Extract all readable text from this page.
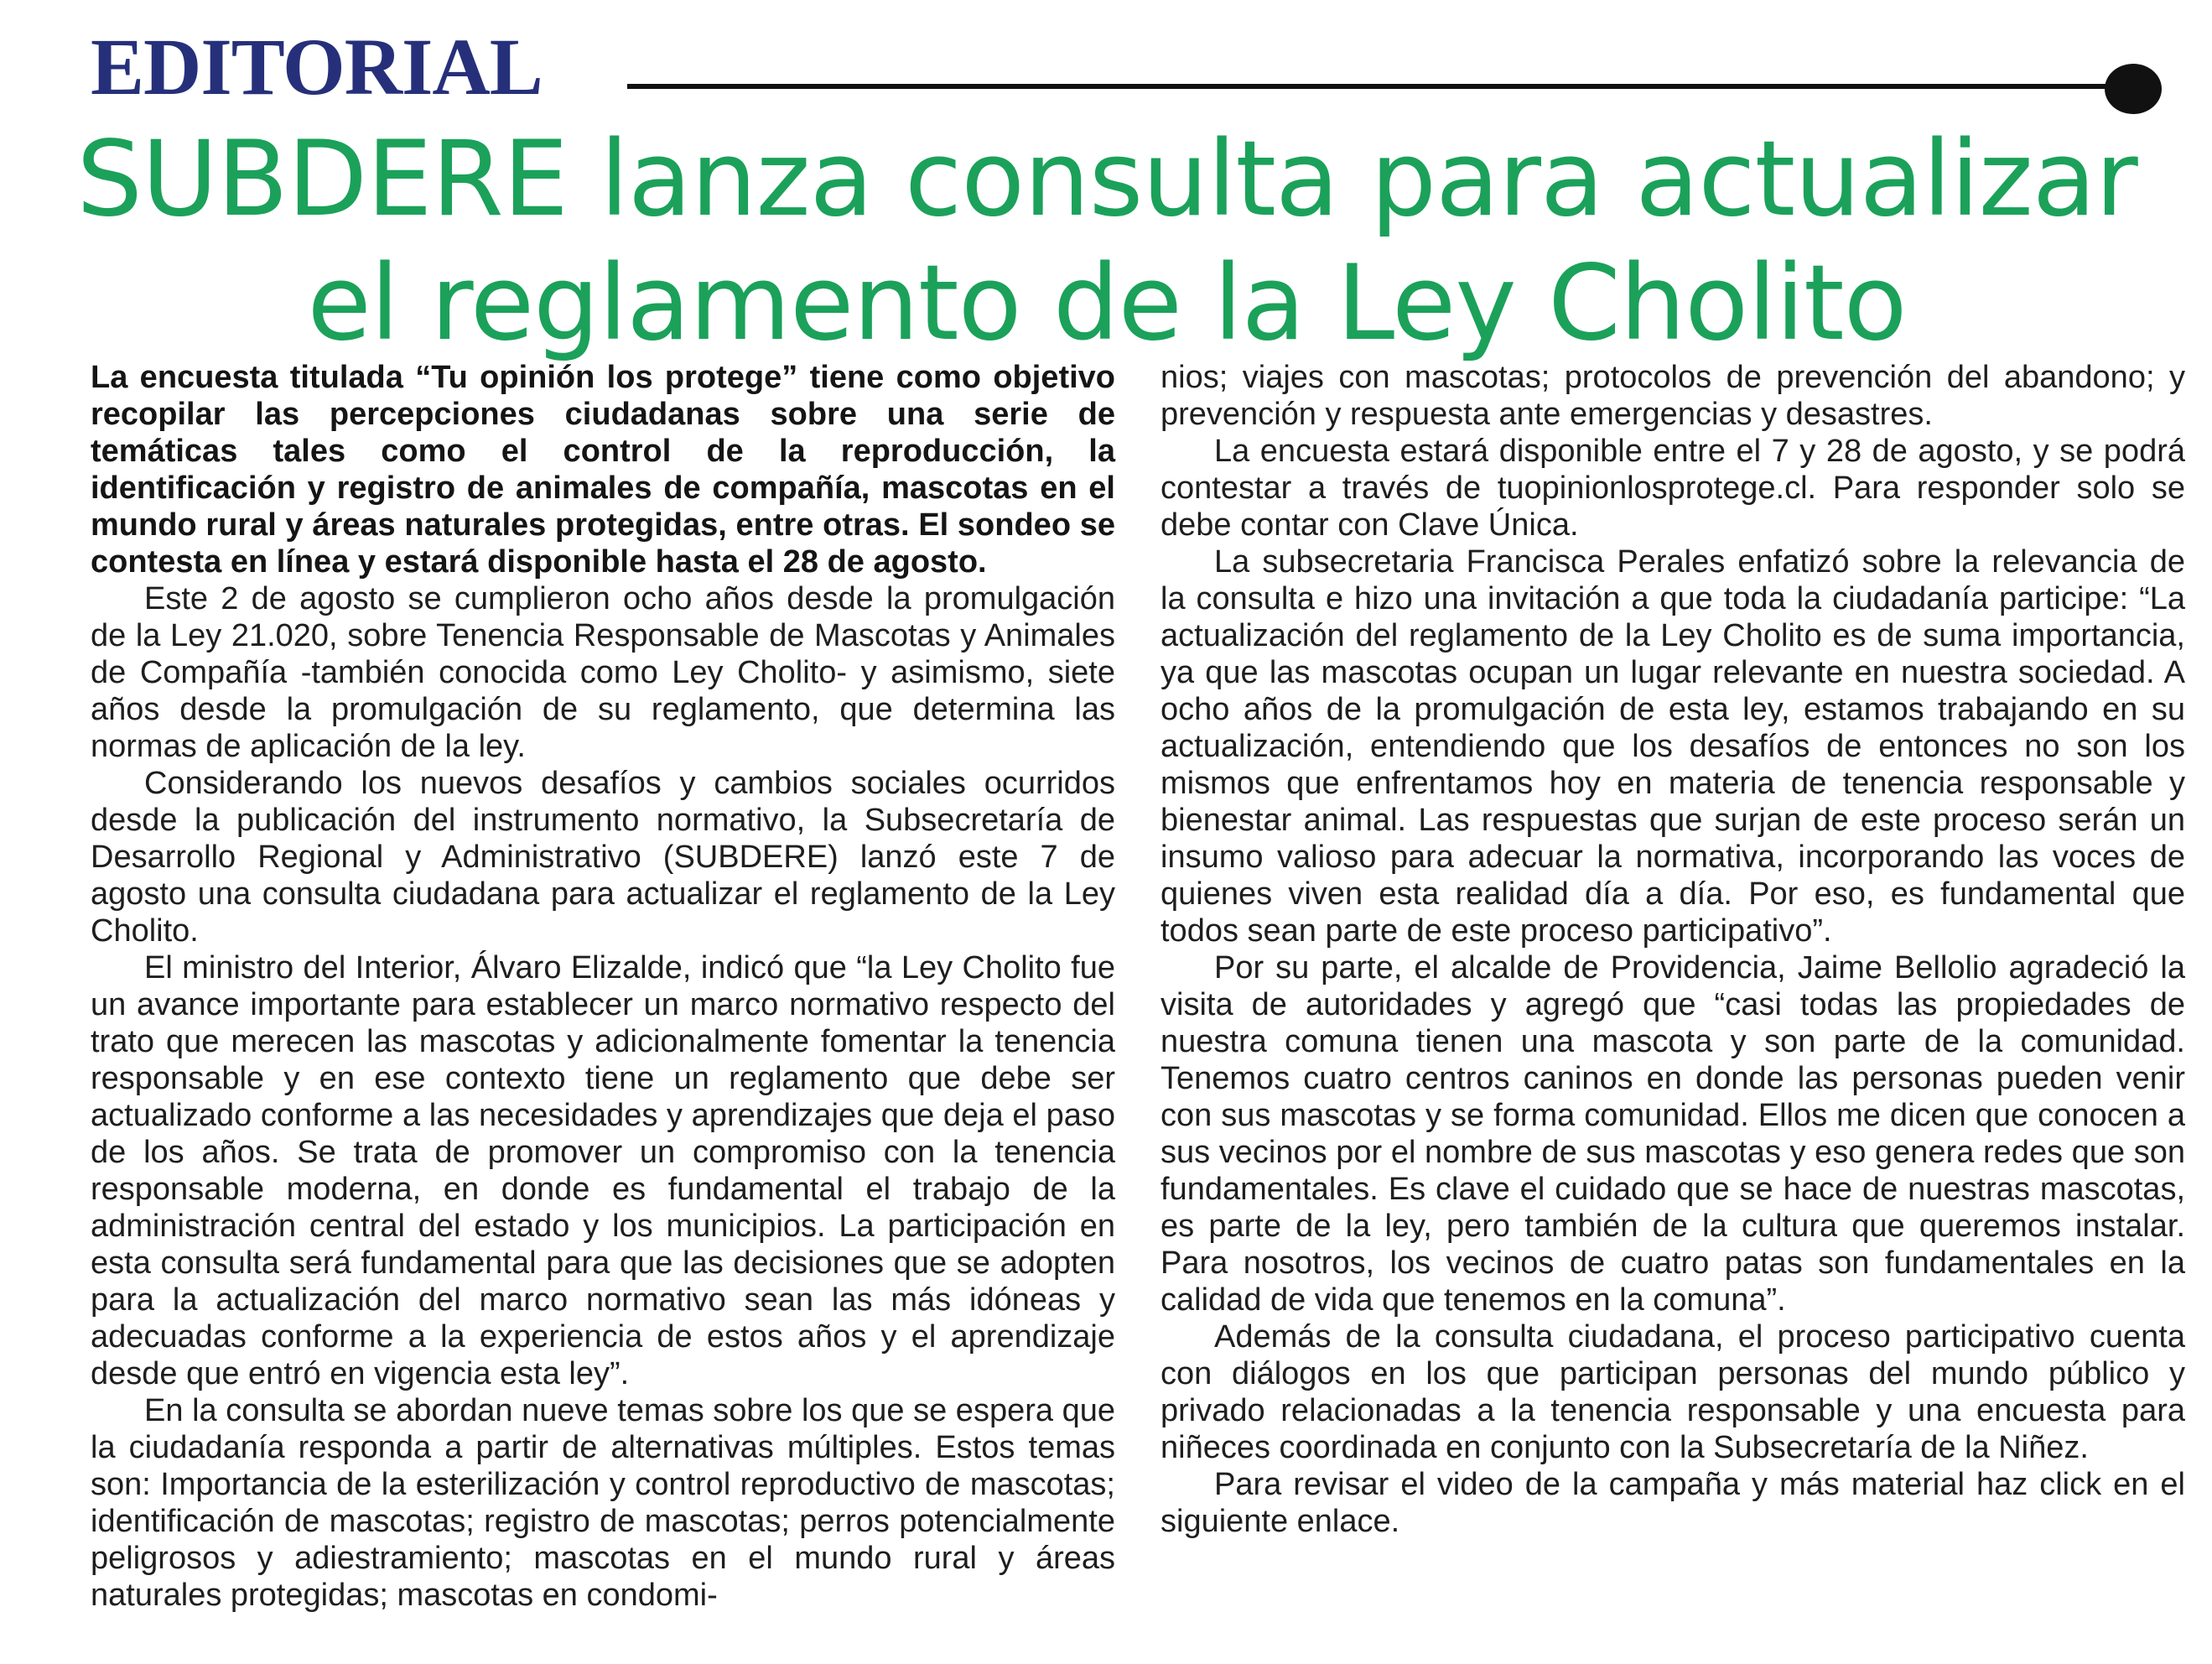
EDITORIAL
SUBDERE lanza consulta para actualizar el reglamento de la Ley Cholito

La encuesta titulada “Tu opinión los protege” tiene como objetivo recopilar las percepciones ciudadanas sobre una serie de temáticas tales como el control de la reproducción, la identificación y registro de animales de compañía, mascotas en el mundo rural y áreas naturales protegidas, entre otras. El sondeo se contesta en línea y estará disponible hasta el 28 de agosto.

Este 2 de agosto se cumplieron ocho años desde la promulgación de la Ley 21.020, sobre Tenencia Responsable de Mascotas y Animales de Compañía -también conocida como Ley Cholito- y asimismo, siete años desde la promulgación de su reglamento, que determina las normas de aplicación de la ley.

Considerando los nuevos desafíos y cambios sociales ocurridos desde la publicación del instrumento normativo, la Subsecretaría de Desarrollo Regional y Administrativo (SUBDERE) lanzó este 7 de agosto una consulta ciudadana para actualizar el reglamento de la Ley Cholito.

El ministro del Interior, Álvaro Elizalde, indicó que “la Ley Cholito fue un avance importante para establecer un marco normativo respecto del trato que merecen las mascotas y adicionalmente fomentar la tenencia responsable y en ese contexto tiene un reglamento que debe ser actualizado conforme a las necesidades y aprendizajes que deja el paso de los años. Se trata de promover un compromiso con la tenencia responsable moderna, en donde es fundamental el trabajo de la administración central del estado y los municipios. La participación en esta consulta será fundamental para que las decisiones que se adopten para la actualización del marco normativo sean las más idóneas y adecuadas conforme a la experiencia de estos años y el aprendizaje desde que entró en vigencia esta ley”.

En la consulta se abordan nueve temas sobre los que se espera que la ciudadanía responda a partir de alternativas múltiples. Estos temas son: Importancia de la esterilización y control reproductivo de mascotas; identificación de mascotas; registro de mascotas; perros potencialmente peligrosos y adiestramiento; mascotas en el mundo rural y áreas naturales protegidas; mascotas en condomi-

nios; viajes con mascotas; protocolos de prevención del abandono; y prevención y respuesta ante emergencias y desastres.

La encuesta estará disponible entre el 7 y 28 de agosto, y se podrá contestar a través de tuopinionlosprotege.cl. Para responder solo se debe contar con Clave Única.

La subsecretaria Francisca Perales enfatizó sobre la relevancia de la consulta e hizo una invitación a que toda la ciudadanía participe: “La actualización del reglamento de la Ley Cholito es de suma importancia, ya que las mascotas ocupan un lugar relevante en nuestra sociedad. A ocho años de la promulgación de esta ley, estamos trabajando en su actualización, entendiendo que los desafíos de entonces no son los mismos que enfrentamos hoy en materia de tenencia responsable y bienestar animal. Las respuestas que surjan de este proceso serán un insumo valioso para adecuar la normativa, incorporando las voces de quienes viven esta realidad día a día. Por eso, es fundamental que todos sean parte de este proceso participativo”.

Por su parte, el alcalde de Providencia, Jaime Bellolio agradeció la visita de autoridades y agregó que “casi todas las propiedades de nuestra comuna tienen una mascota y son parte de la comunidad. Tenemos cuatro centros caninos en donde las personas pueden venir con sus mascotas y se forma comunidad. Ellos me dicen que conocen a sus vecinos por el nombre de sus mascotas y eso genera redes que son fundamentales. Es clave el cuidado que se hace de nuestras mascotas, es parte de la ley, pero también de la cultura que queremos instalar. Para nosotros, los vecinos de cuatro patas son fundamentales en la calidad de vida que tenemos en la comuna”.

Además de la consulta ciudadana, el proceso participativo cuenta con diálogos en los que participan personas del mundo público y privado relacionadas a la tenencia responsable y una encuesta para niñeces coordinada en conjunto con la Subsecretaría de la Niñez.

Para revisar el video de la campaña y más material haz click en el siguiente enlace.
